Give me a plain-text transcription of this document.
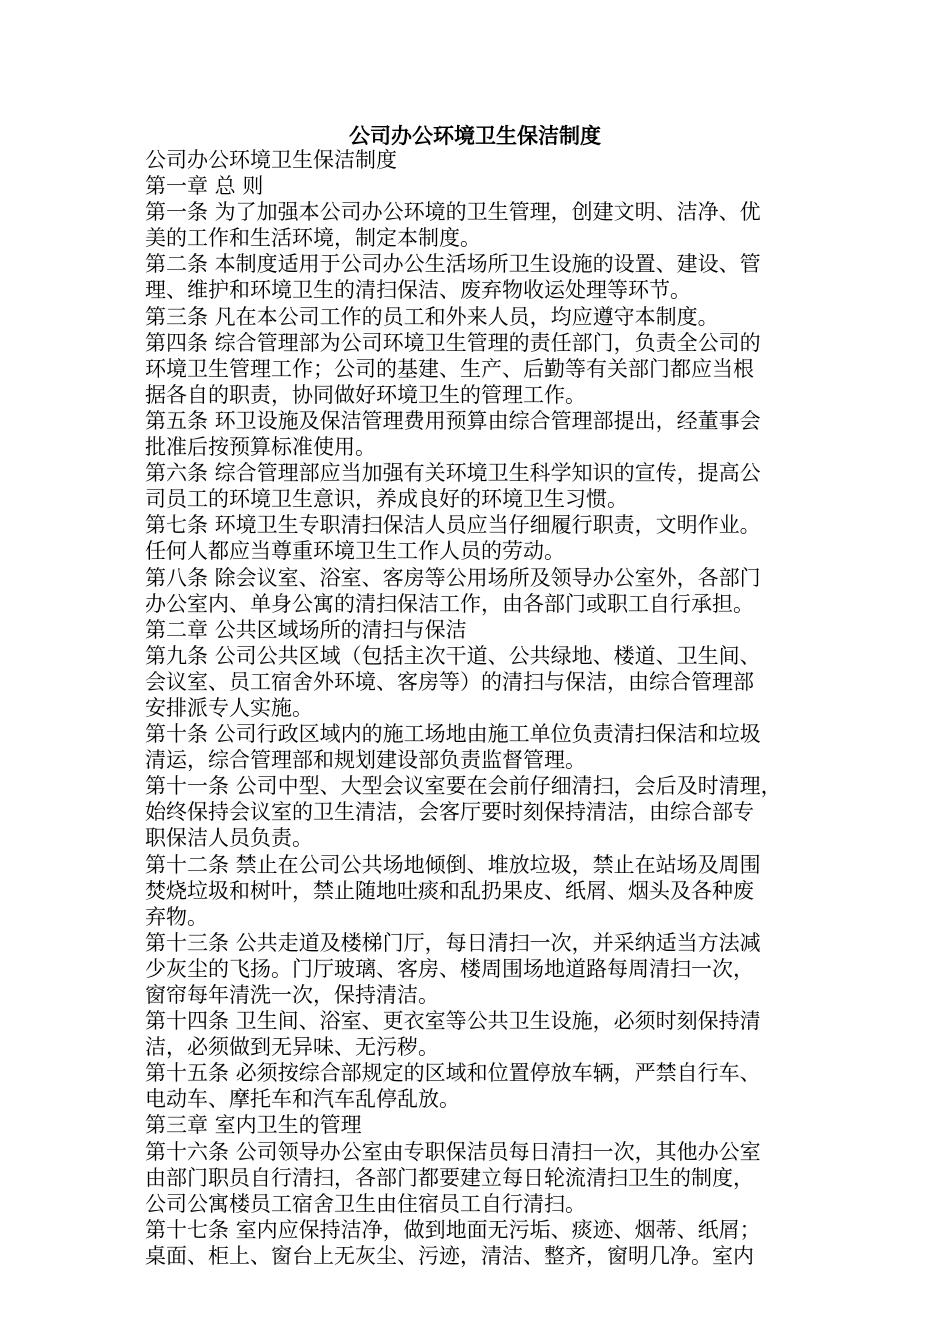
公司办公环境卫生保洁制度
公司办公环境卫生保洁制度
第一章 总 则
第一条 为了加强本公司办公环境的卫生管理，创建文明、洁净、优
美的工作和生活环境，制定本制度。
第二条 本制度适用于公司办公生活场所卫生设施的设置、建设、管
理、维护和环境卫生的清扫保洁、废弃物收运处理等环节。
第三条 凡在本公司工作的员工和外来人员，均应遵守本制度。
第四条 综合管理部为公司环境卫生管理的责任部门，负责全公司的
环境卫生管理工作；公司的基建、生产、后勤等有关部门都应当根
据各自的职责，协同做好环境卫生的管理工作。
第五条 环卫设施及保洁管理费用预算由综合管理部提出，经董事会
批准后按预算标准使用。
第六条 综合管理部应当加强有关环境卫生科学知识的宣传，提高公
司员工的环境卫生意识，养成良好的环境卫生习惯。
第七条 环境卫生专职清扫保洁人员应当仔细履行职责，文明作业。
任何人都应当尊重环境卫生工作人员的劳动。
第八条 除会议室、浴室、客房等公用场所及领导办公室外，各部门
办公室内、单身公寓的清扫保洁工作，由各部门或职工自行承担。
第二章 公共区域场所的清扫与保洁
第九条 公司公共区域（包括主次干道、公共绿地、楼道、卫生间、
会议室、员工宿舍外环境、客房等）的清扫与保洁，由综合管理部
安排派专人实施。
第十条 公司行政区域内的施工场地由施工单位负责清扫保洁和垃圾
清运，综合管理部和规划建设部负责监督管理。
第十一条 公司中型、大型会议室要在会前仔细清扫，会后及时清理，
始终保持会议室的卫生清洁，会客厅要时刻保持清洁，由综合部专
职保洁人员负责。
第十二条 禁止在公司公共场地倾倒、堆放垃圾，禁止在站场及周围
焚烧垃圾和树叶，禁止随地吐痰和乱扔果皮、纸屑、烟头及各种废
弃物。
第十三条 公共走道及楼梯门厅，每日清扫一次，并采纳适当方法减
少灰尘的飞扬。门厅玻璃、客房、楼周围场地道路每周清扫一次，
窗帘每年清洗一次，保持清洁。
第十四条 卫生间、浴室、更衣室等公共卫生设施，必须时刻保持清
洁，必须做到无异味、无污秽。
第十五条 必须按综合部规定的区域和位置停放车辆，严禁自行车、
电动车、摩托车和汽车乱停乱放。
第三章 室内卫生的管理
第十六条 公司领导办公室由专职保洁员每日清扫一次，其他办公室
由部门职员自行清扫，各部门都要建立每日轮流清扫卫生的制度，
公司公寓楼员工宿舍卫生由住宿员工自行清扫。
第十七条 室内应保持洁净，做到地面无污垢、痰迹、烟蒂、纸屑；
桌面、柜上、窗台上无灰尘、污迹，清洁、整齐，窗明几净。室内
